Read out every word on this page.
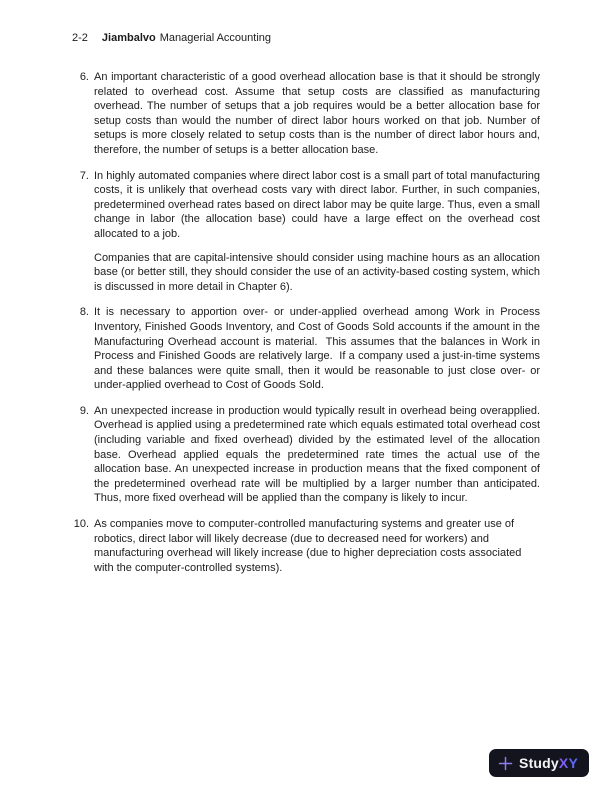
2-2 Jiambalvo Managerial Accounting
6. An important characteristic of a good overhead allocation base is that it should be strongly related to overhead cost. Assume that setup costs are classified as manufacturing overhead. The number of setups that a job requires would be a better allocation base for setup costs than would the number of direct labor hours worked on that job. Number of setups is more closely related to setup costs than is the number of direct labor hours and, therefore, the number of setups is a better allocation base.

7. In highly automated companies where direct labor cost is a small part of total manufacturing costs, it is unlikely that overhead costs vary with direct labor. Further, in such companies, predetermined overhead rates based on direct labor may be quite large. Thus, even a small change in labor (the allocation base) could have a large effect on the overhead cost allocated to a job.

Companies that are capital-intensive should consider using machine hours as an allocation base (or better still, they should consider the use of an activity-based costing system, which is discussed in more detail in Chapter 6).

8. It is necessary to apportion over- or under-applied overhead among Work in Process Inventory, Finished Goods Inventory, and Cost of Goods Sold accounts if the amount in the Manufacturing Overhead account is material.  This assumes that the balances in Work in Process and Finished Goods are relatively large.  If a company used a just-in-time systems and these balances were quite small, then it would be reasonable to just close over- or under-applied overhead to Cost of Goods Sold.

9. An unexpected increase in production would typically result in overhead being overapplied. Overhead is applied using a predetermined rate which equals estimated total overhead cost (including variable and fixed overhead) divided by the estimated level of the allocation base. Overhead applied equals the predetermined rate times the actual use of the allocation base. An unexpected increase in production means that the fixed component of the predetermined overhead rate will be multiplied by a larger number than anticipated.  Thus, more fixed overhead will be applied than the company is likely to incur.

10. As companies move to computer-controlled manufacturing systems and greater use of robotics, direct labor will likely decrease (due to decreased need for workers) and manufacturing overhead will likely increase (due to higher depreciation costs associated with the computer-controlled systems).

StudyXY
